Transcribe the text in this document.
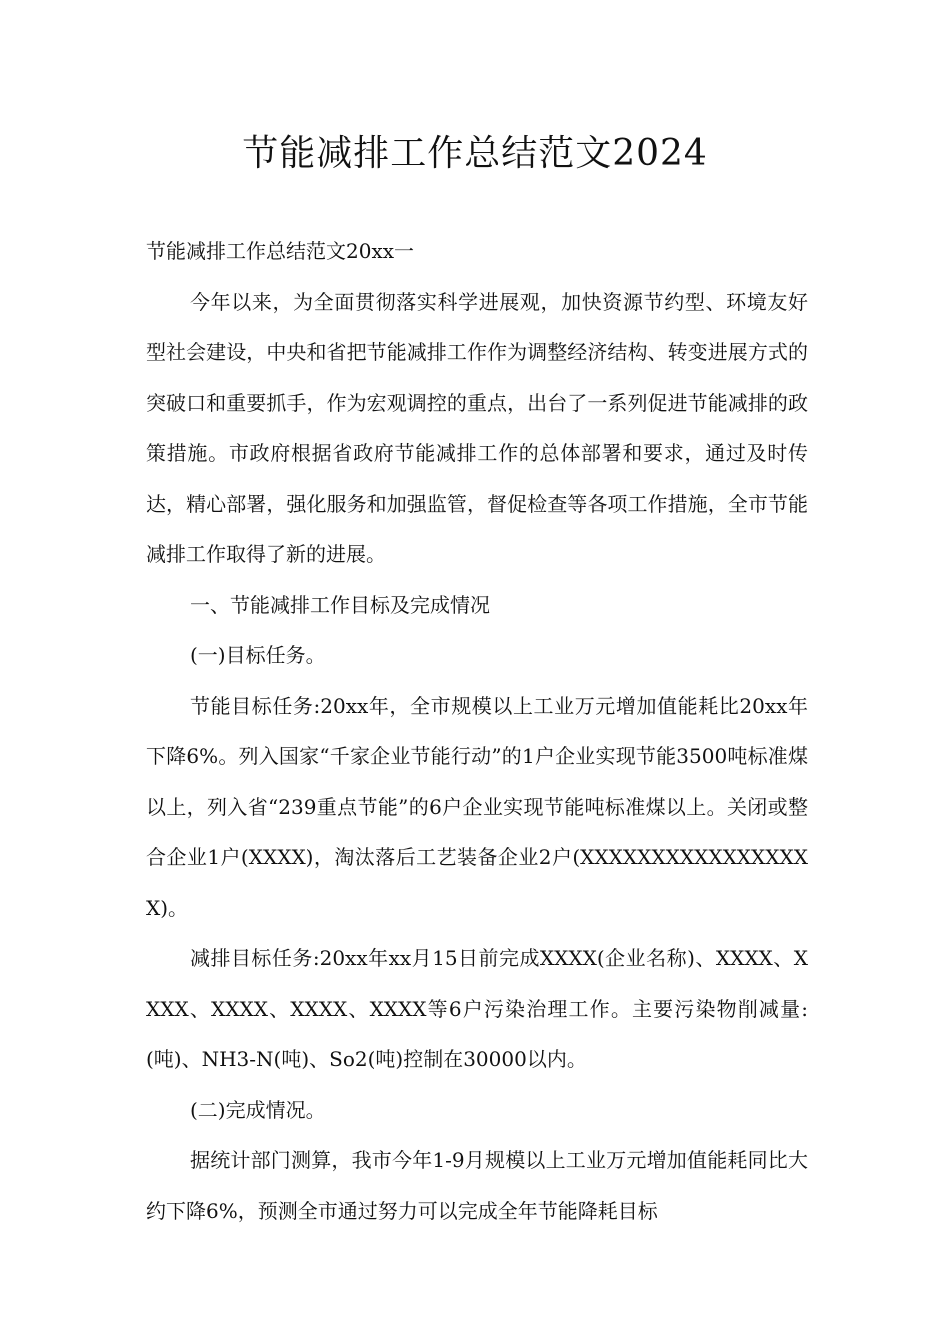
节能减排工作总结范文2024

节能减排工作总结范文20xx一

今年以来，为全面贯彻落实科学进展观，加快资源节约型、环境友好型社会建设，中央和省把节能减排工作作为调整经济结构、转变进展方式的突破口和重要抓手，作为宏观调控的重点，出台了一系列促进节能减排的政策措施。市政府根据省政府节能减排工作的总体部署和要求，通过及时传达，精心部署，强化服务和加强监管，督促检查等各项工作措施，全市节能减排工作取得了新的进展。

一、节能减排工作目标及完成情况

(一)目标任务。

节能目标任务:20xx年，全市规模以上工业万元增加值能耗比20xx年下降6%。列入国家“千家企业节能行动”的1户企业实现节能3500吨标准煤以上，列入省“239重点节能”的6户企业实现节能吨标准煤以上。关闭或整合企业1户(XXXX)，淘汰落后工艺装备企业2户(XXXXXXXXXXXXXXXXX)。

减排目标任务:20xx年xx月15日前完成XXXX(企业名称)、XXXX、XXXX、XXXX、XXXX、XXXX等6户污染治理工作。主要污染物削减量:(吨)、NH3-N(吨)、So2(吨)控制在30000以内。

(二)完成情况。

据统计部门测算，我市今年1-9月规模以上工业万元增加值能耗同比大约下降6%，预测全市通过努力可以完成全年节能降耗目标
